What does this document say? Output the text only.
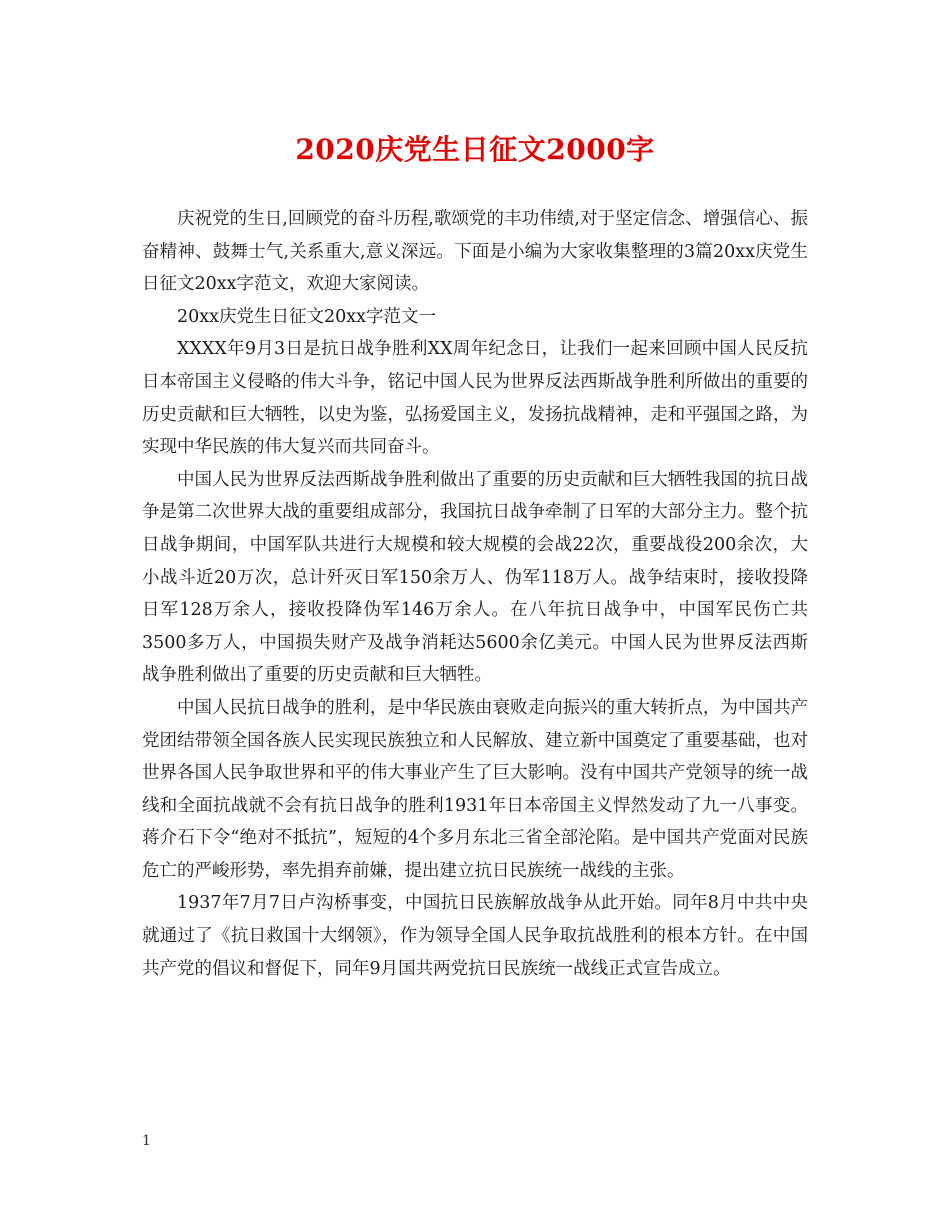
2020庆党生日征文2000字

庆祝党的生日,回顾党的奋斗历程,歌颂党的丰功伟绩,对于坚定信念、增强信心、振奋精神、鼓舞士气,关系重大,意义深远。下面是小编为大家收集整理的3篇20xx庆党生日征文20xx字范文，欢迎大家阅读。

20xx庆党生日征文20xx字范文一

XXXX年9月3日是抗日战争胜利XX周年纪念日，让我们一起来回顾中国人民反抗日本帝国主义侵略的伟大斗争，铭记中国人民为世界反法西斯战争胜利所做出的重要的历史贡献和巨大牺牲，以史为鉴，弘扬爱国主义，发扬抗战精神，走和平强国之路，为实现中华民族的伟大复兴而共同奋斗。

中国人民为世界反法西斯战争胜利做出了重要的历史贡献和巨大牺牲我国的抗日战争是第二次世界大战的重要组成部分，我国抗日战争牵制了日军的大部分主力。整个抗日战争期间，中国军队共进行大规模和较大规模的会战22次，重要战役200余次，大小战斗近20万次，总计歼灭日军150余万人、伪军118万人。战争结束时，接收投降日军128万余人，接收投降伪军146万余人。在八年抗日战争中，中国军民伤亡共3500多万人，中国损失财产及战争消耗达5600余亿美元。中国人民为世界反法西斯战争胜利做出了重要的历史贡献和巨大牺牲。

中国人民抗日战争的胜利，是中华民族由衰败走向振兴的重大转折点，为中国共产党团结带领全国各族人民实现民族独立和人民解放、建立新中国奠定了重要基础，也对世界各国人民争取世界和平的伟大事业产生了巨大影响。没有中国共产党领导的统一战线和全面抗战就不会有抗日战争的胜利1931年日本帝国主义悍然发动了九一八事变。蒋介石下令“绝对不抵抗”，短短的4个多月东北三省全部沦陷。是中国共产党面对民族危亡的严峻形势，率先捐弃前嫌，提出建立抗日民族统一战线的主张。

1937年7月7日卢沟桥事变，中国抗日民族解放战争从此开始。同年8月中共中央就通过了《抗日救国十大纲领》，作为领导全国人民争取抗战胜利的根本方针。在中国共产党的倡议和督促下，同年9月国共两党抗日民族统一战线正式宣告成立。

1
